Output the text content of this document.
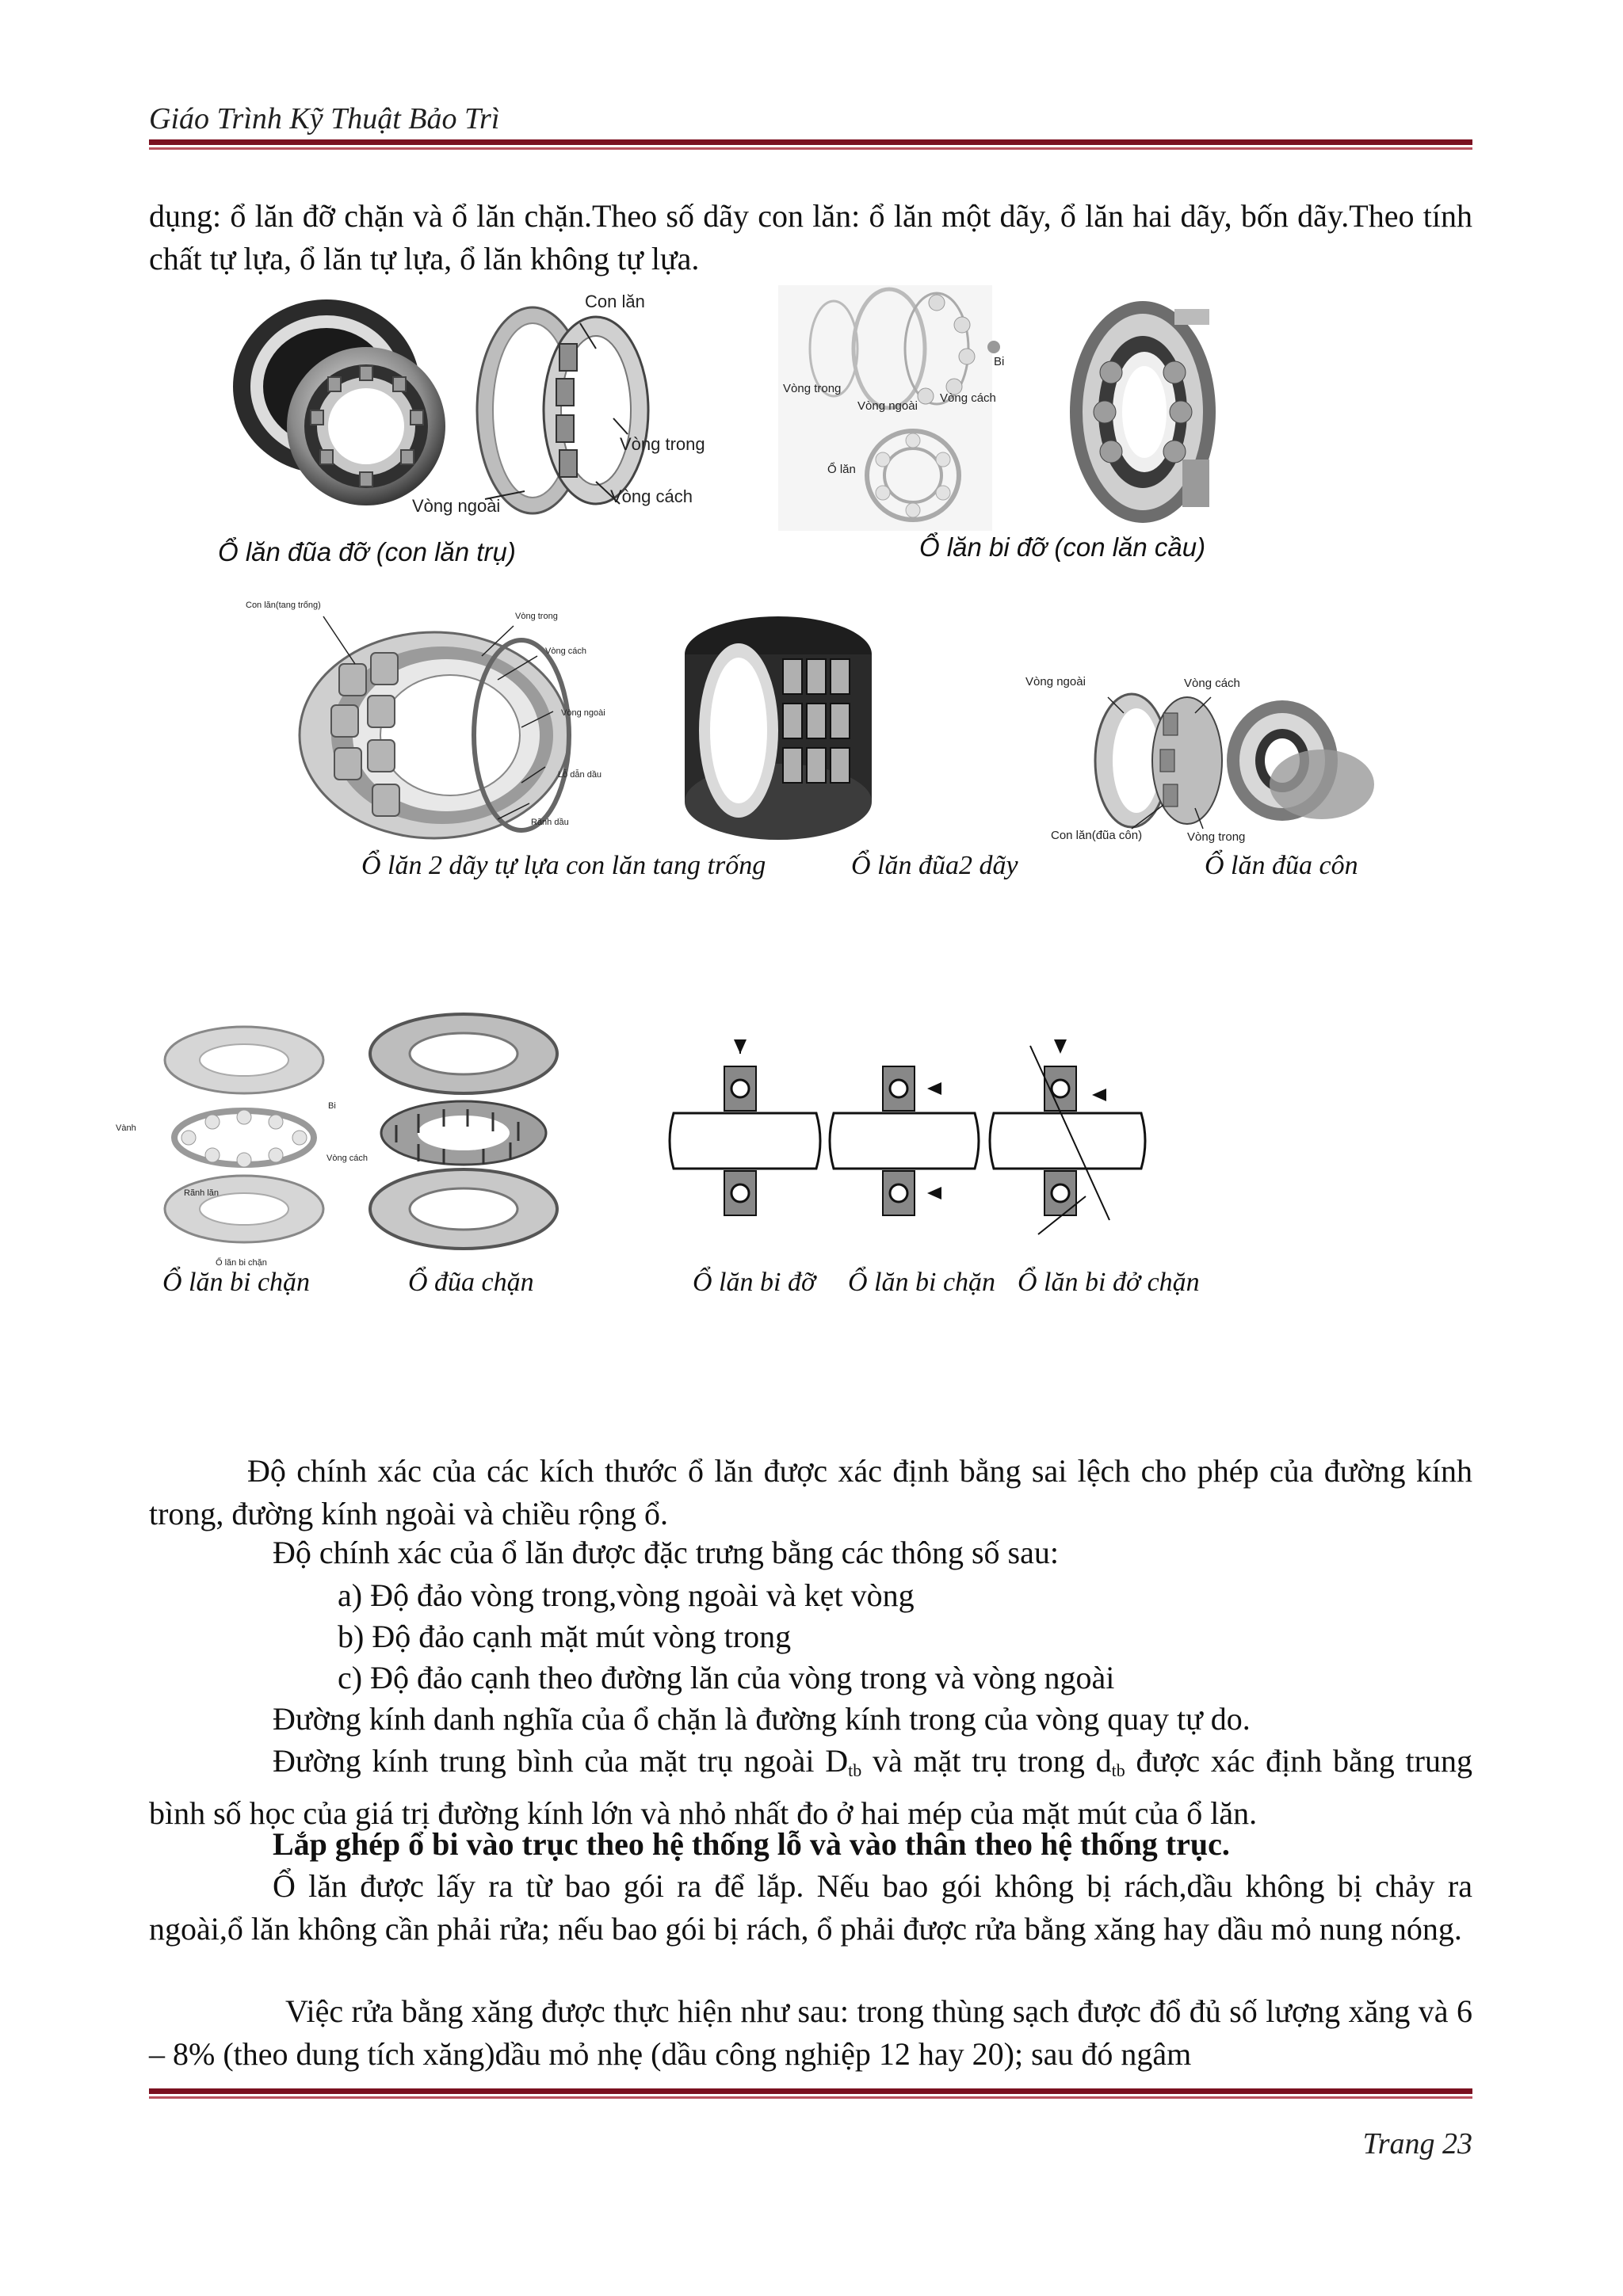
Giáo Trình Kỹ Thuật Bảo Trì
dụng: ổ lăn đỡ chặn và ổ lăn chặn.Theo số dãy con lăn: ổ lăn một dãy, ổ lăn hai dãy, bốn dãy.Theo tính chất tự lựa, ổ lăn tự lựa, ổ lăn không tự lựa.
Con lăn
Vòng trong
Vòng ngoài	Vòng cách
Ổ lăn đũa đỡ (con lăn trụ)
Bi
Vòng trong
Vòng ngoài
Vòng cách
Ổ lăn
Ổ lăn bi đỡ (con lăn cầu)
Con lăn(tang trống)
Vòng trong
Vòng cách
Vòng ngoài
Lỗ dẫn dầu
Rãnh dầu
Vòng ngoài	Vòng cách
Con lăn(đũa côn)	Vòng trong
Ổ lăn 2 dãy tự lựa con lăn tang trống	Ổ lăn đũa2 dãy	Ổ lăn đũa côn
Bi
Vành
Vòng cách
Rãnh lăn
Ổ lăn bi chặn
Ổ lăn bi chặn	Ổ đũa chặn	Ổ lăn bi đỡ Ổ lăn bi chặn Ổ lăn bi đở chặn
Độ chính xác của các kích thước ổ lăn được xác định bằng sai lệch cho phép của đường kính trong, đường kính ngoài và chiều rộng ổ.
Độ chính xác của ổ lăn được đặc trưng bằng các thông số sau:
a) Độ đảo vòng trong,vòng ngoài và kẹt vòng
b) Độ đảo cạnh mặt mút vòng trong
c) Độ đảo cạnh theo đường lăn của vòng trong và vòng ngoài
Đường kính danh nghĩa của ổ chặn là đường kính trong của vòng quay tự do.
Đường kính trung bình của mặt trụ ngoài $D_{tb}$ và mặt trụ trong $d_{tb}$ được xác định bằng trung bình số học của giá trị đường kính lớn và nhỏ nhất đo ở hai mép của mặt mút của ổ lăn.
Lắp ghép ổ bi vào trục theo hệ thống lỗ và vào thân theo hệ thống trục.
Ổ lăn được lấy ra từ bao gói ra để lắp. Nếu bao gói không bị rách,dầu không bị chảy ra ngoài,ổ lăn không cần phải rửa; nếu bao gói bị rách, ổ phải được rửa bằng xăng hay dầu mỏ nung nóng.
Việc rửa bằng xăng được thực hiện như sau: trong thùng sạch được đổ đủ số lượng xăng và 6 – 8% (theo dung tích xăng)dầu mỏ nhẹ (dầu công nghiệp 12 hay 20); sau đó ngâm
Trang 23
